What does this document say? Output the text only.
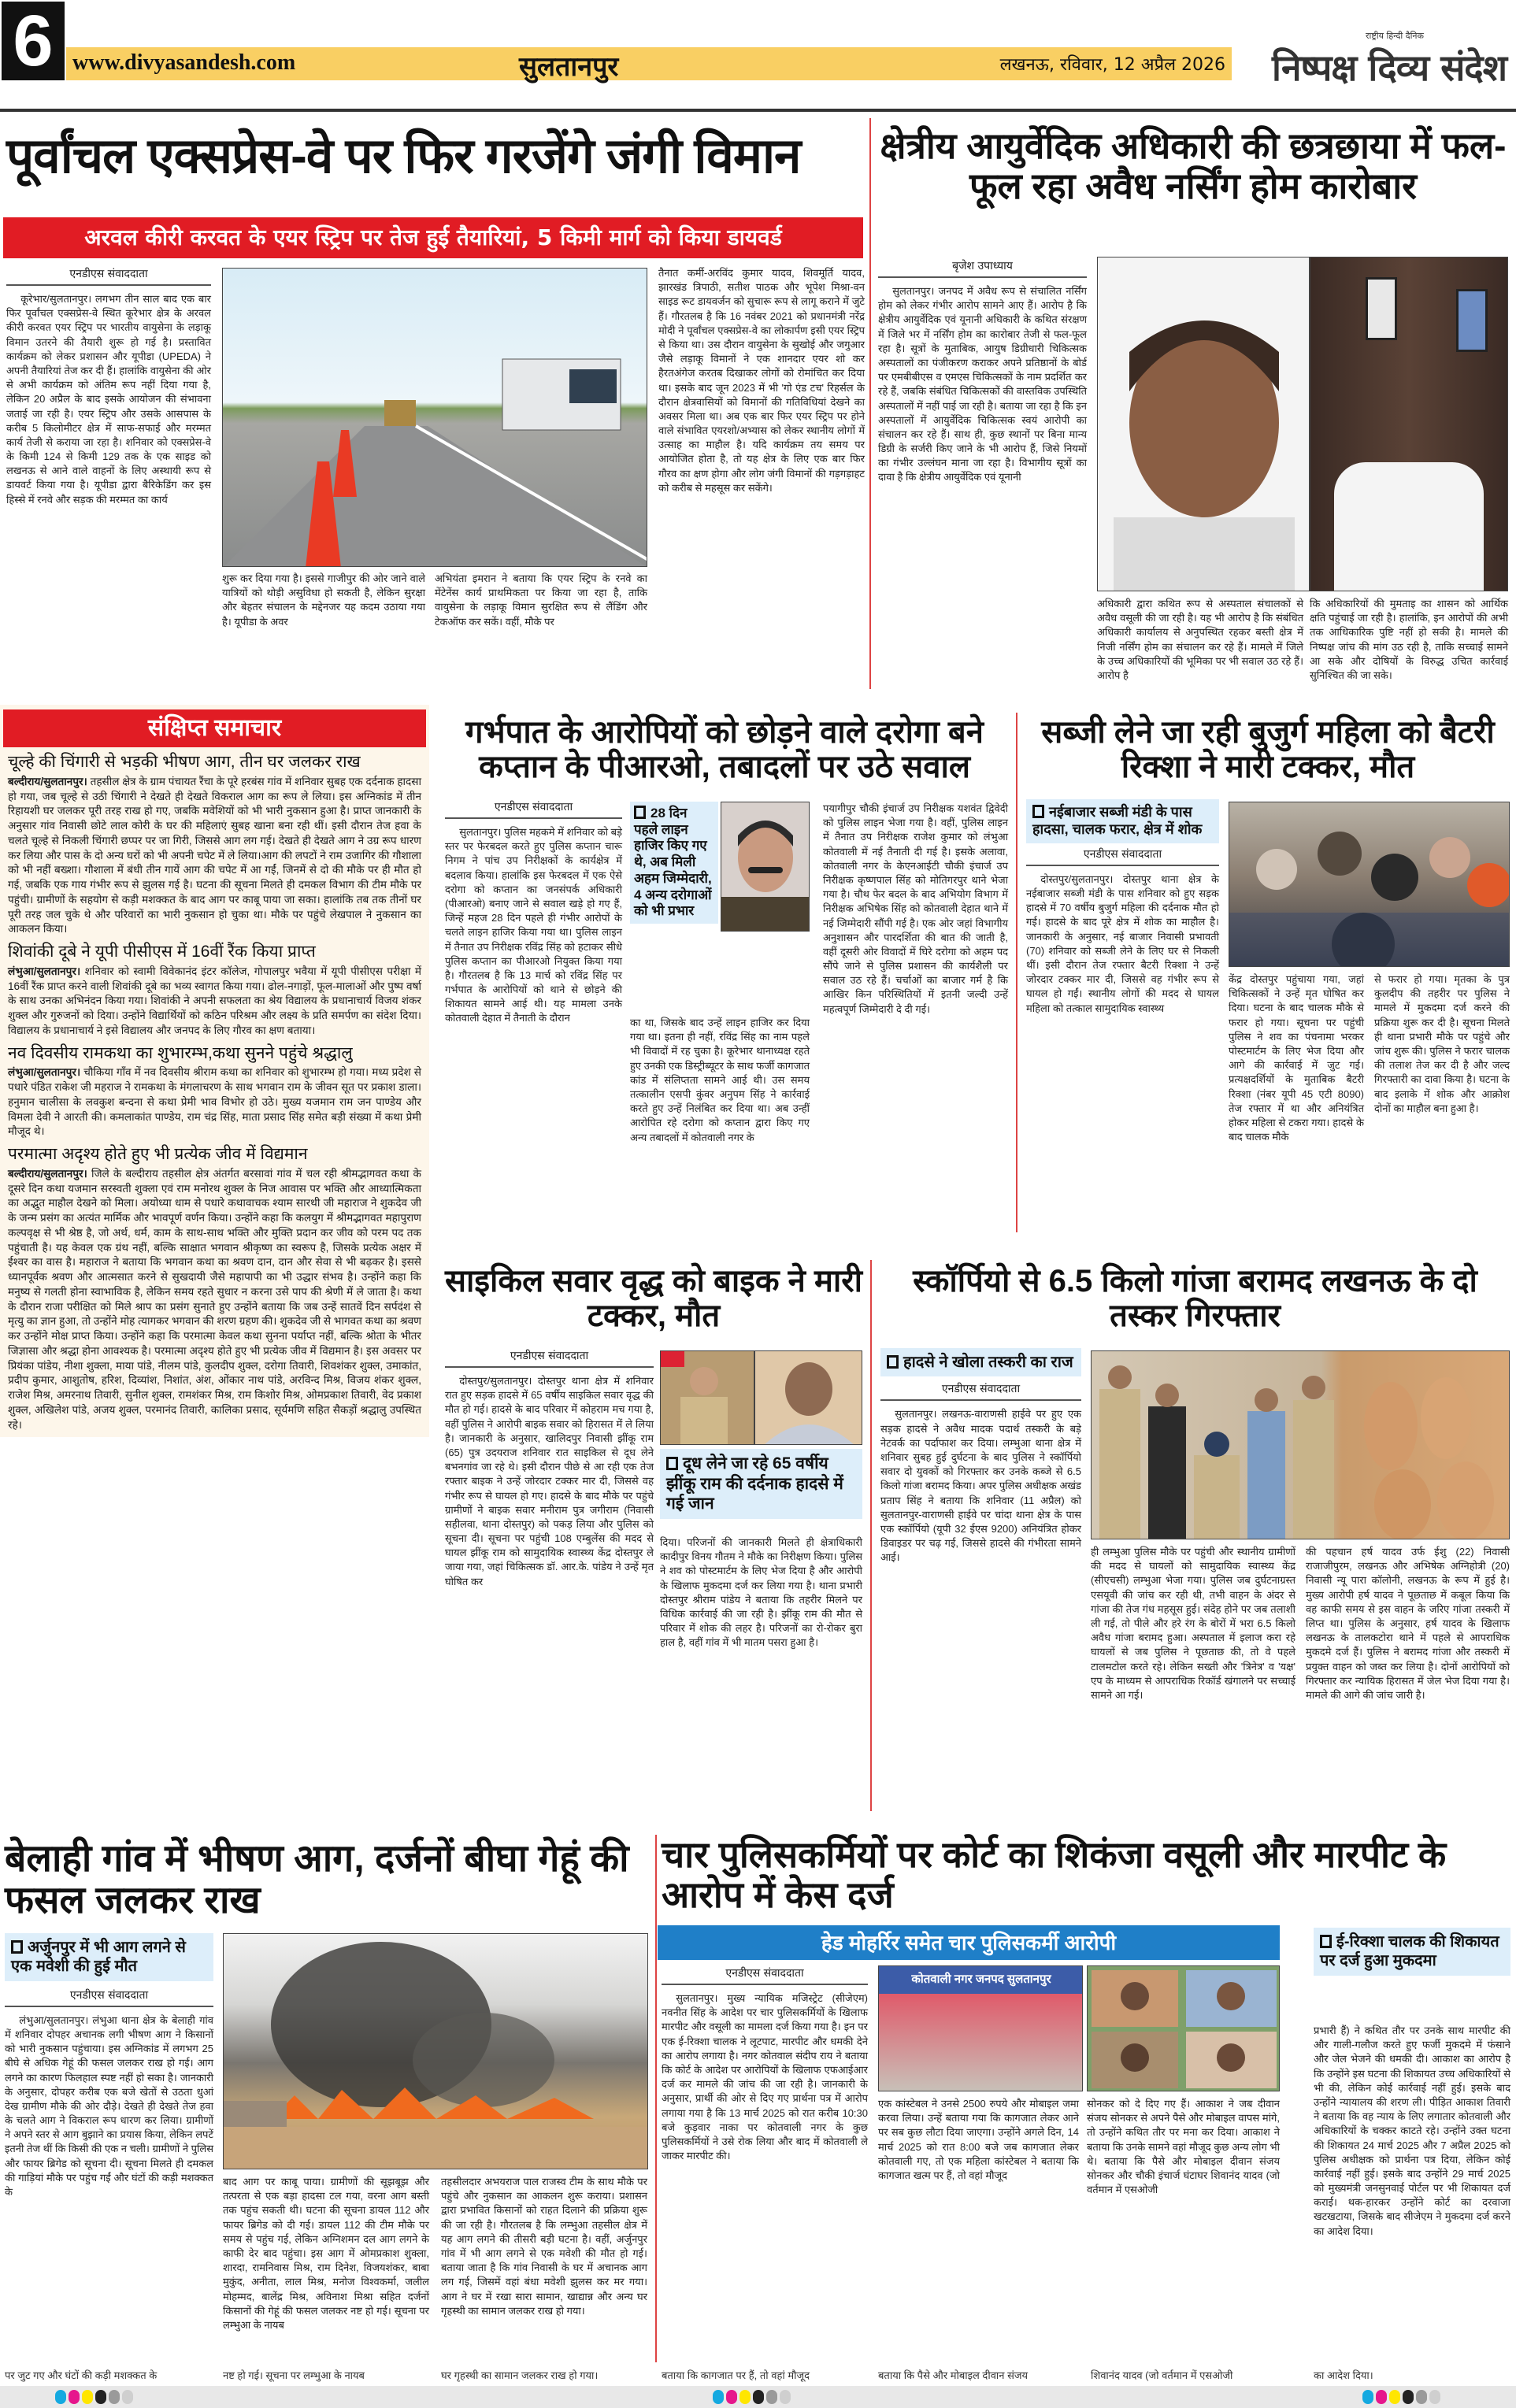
6 www.divyasandesh.com	सुलतानपुर	लखनऊ, रविवार, 12 अप्रैल 2026
राष्ट्रीय हिन्दी दैनिक
निष्पक्ष दिव्य संदेश
पूर्वांचल एक्सप्रेस-वे पर फिर गरजेंगे जंगी विमान
अरवल कीरी करवत के एयर स्ट्रिप पर तेज हुई तैयारियां, 5 किमी मार्ग को किया डायवर्ड
एनडीएस संवाददाता

कूरेभार/सुलतानपुर। लगभग तीन साल बाद एक बार फिर पूर्वांचल एक्सप्रेस-वे स्थित कूरेभार क्षेत्र के अरवल कीरी करवत एयर स्ट्रिप पर भारतीय वायुसेना के लड़ाकू विमान उतरने की तैयारी शुरू हो गई है। प्रस्तावित कार्यक्रम को लेकर प्रशासन और यूपीडा (UPEDA) ने अपनी तैयारियां तेज कर दी हैं। हालांकि वायुसेना की ओर से अभी कार्यक्रम को अंतिम रूप नहीं दिया गया है, लेकिन 20 अप्रैल के बाद इसके आयोजन की संभावना जताई जा रही है। एयर स्ट्रिप और उसके आसपास के करीब 5 किलोमीटर क्षेत्र में साफ-सफाई और मरम्मत कार्य तेजी से कराया जा रहा है। शनिवार को एक्सप्रेस-वे के किमी 124 से किमी 129 तक के एक साइड को लखनऊ से आने वाले वाहनों के लिए अस्थायी रूप से डायवर्ट किया गया है। यूपीडा द्वारा बैरिकेडिंग कर इस हिस्से में रनवे और सड़क की मरम्मत का कार्य

शुरू कर दिया गया है। इससे गाजीपुर की ओर जाने वाले यात्रियों को थोड़ी असुविधा हो सकती है, लेकिन सुरक्षा और बेहतर संचालन के मद्देनजर यह कदम उठाया गया है। यूपीडा के अवर

अभियंता इमरान ने बताया कि एयर स्ट्रिप के रनवे का मेंटेनेंस कार्य प्राथमिकता पर किया जा रहा है, ताकि वायुसेना के लड़ाकू विमान सुरक्षित रूप से लैंडिंग और टेकऑफ कर सकें। वहीं, मौके पर

तैनात कर्मी-अरविंद कुमार यादव, शिवमूर्ति यादव, झारखंड त्रिपाठी, सतीश पाठक और भूपेश मिश्रा-वन साइड रूट डायवर्जन को सुचारू रूप से लागू कराने में जुटे हैं। गौरतलब है कि 16 नवंबर 2021 को प्रधानमंत्री नरेंद्र मोदी ने पूर्वांचल एक्सप्रेस-वे का लोकार्पण इसी एयर स्ट्रिप से किया था। उस दौरान वायुसेना के सुखोई और जगुआर जैसे लड़ाकू विमानों ने एक शानदार एयर शो कर हैरतअंगेज करतब दिखाकर लोगों को रोमांचित कर दिया था। इसके बाद जून 2023 में भी 'गो एंड टच' रिहर्सल के दौरान क्षेत्रवासियों को विमानों की गतिविधियां देखने का अवसर मिला था। अब एक बार फिर एयर स्ट्रिप पर होने वाले संभावित एयरशो/अभ्यास को लेकर स्थानीय लोगों में उत्साह का माहौल है। यदि कार्यक्रम तय समय पर आयोजित होता है, तो यह क्षेत्र के लिए एक बार फिर गौरव का क्षण होगा और लोग जंगी विमानों की गड़गड़ाहट को करीब से महसूस कर सकेंगे।

क्षेत्रीय आयुर्वेदिक अधिकारी की छत्रछाया में फल-फूल रहा अवैध नर्सिंग होम कारोबार
बृजेश उपाध्याय

सुलतानपुर। जनपद में अवैध रूप से संचालित नर्सिंग होम को लेकर गंभीर आरोप सामने आए हैं। आरोप है कि क्षेत्रीय आयुर्वेदिक एवं यूनानी अधिकारी के कथित संरक्षण में जिले भर में नर्सिंग होम का कारोबार तेजी से फल-फूल रहा है। सूत्रों के मुताबिक, आयुष डिग्रीधारी चिकित्सक अस्पतालों का पंजीकरण कराकर अपने प्रतिष्ठानों के बोर्ड पर एमबीबीएस व एमएस चिकित्सकों के नाम प्रदर्शित कर रहे हैं, जबकि संबंधित चिकित्सकों की वास्तविक उपस्थिति अस्पतालों में नहीं पाई जा रही है। बताया जा रहा है कि इन अस्पतालों में आयुर्वेदिक चिकित्सक स्वयं आरोपी का संचालन कर रहे हैं। साथ ही, कुछ स्थानों पर बिना मान्य डिग्री के सर्जरी किए जाने के भी आरोप हैं, जिसे नियमों का गंभीर उल्लंघन माना जा रहा है। विभागीय सूत्रों का दावा है कि क्षेत्रीय आयुर्वेदिक एवं यूनानी

अधिकारी द्वारा कथित रूप से अस्पताल संचालकों से अवैध वसूली की जा रही है। यह भी आरोप है कि संबंधित अधिकारी कार्यालय से अनुपस्थित रहकर बस्ती क्षेत्र में निजी नर्सिंग होम का संचालन कर रहे हैं। मामले में जिले के उच्च अधिकारियों की भूमिका पर भी सवाल उठ रहे हैं। आरोप है

कि अधिकारियों की मुमताइ का शासन को आर्थिक क्षति पहुंचाई जा रही है। हालांकि, इन आरोपों की अभी तक आधिकारिक पुष्टि नहीं हो सकी है। मामले की निष्पक्ष जांच की मांग उठ रही है, ताकि सच्चाई सामने आ सके और दोषियों के विरुद्ध उचित कार्रवाई सुनिश्चित की जा सके।

संक्षिप्त समाचार
चूल्हे की चिंगारी से भड़की भीषण आग, तीन घर जलकर राख
बल्दीराय/सुलतानपुर। तहसील क्षेत्र के ग्राम पंचायत रैंचा के पूरे हरबंस गांव में शनिवार सुबह एक दर्दनाक हादसा हो गया, जब चूल्हे से उठी चिंगारी ने देखते ही देखते विकराल आग का रूप ले लिया। इस अग्निकांड में तीन रिहायशी घर जलकर पूरी तरह राख हो गए, जबकि मवेशियों को भी भारी नुकसान हुआ है। प्राप्त जानकारी के अनुसार गांव निवासी छोटे लाल कोरी के घर की महिलाएं सुबह खाना बना रही थीं। इसी दौरान तेज हवा के चलते चूल्हे से निकली चिंगारी छप्पर पर जा गिरी, जिससे आग लग गई। देखते ही देखते आग ने उग्र रूप धारण कर लिया और पास के दो अन्य घरों को भी अपनी चपेट में ले लिया।आग की लपटों ने राम उजागिर की गौशाला को भी नहीं बख्शा। गौशाला में बंधी तीन गायें आग की चपेट में आ गईं, जिनमें से दो की मौके पर ही मौत हो गई, जबकि एक गाय गंभीर रूप से झुलस गई है। घटना की सूचना मिलते ही दमकल विभाग की टीम मौके पर पहुंची। ग्रामीणों के सहयोग से कड़ी मशक्कत के बाद आग पर काबू पाया जा सका। हालांकि तब तक तीनों घर पूरी तरह जल चुके थे और परिवारों का भारी नुकसान हो चुका था। मौके पर पहुंचे लेखपाल ने नुकसान का आकलन किया।
शिवांकी दूबे ने यूपी पीसीएस में 16वीं रैंक किया प्राप्त
लंभुआ/सुलतानपुर। शनिवार को स्वामी विवेकानंद इंटर कॉलेज, गोपालपुर भवैया में यूपी पीसीएस परीक्षा में 16वीं रैंक प्राप्त करने वाली शिवांकी दूबे का भव्य स्वागत किया गया। ढोल-नगाड़ों, फूल-मालाओं और पुष्प वर्षा के साथ उनका अभिनंदन किया गया। शिवांकी ने अपनी सफलता का श्रेय विद्यालय के प्रधानाचार्य विजय शंकर शुक्ल और गुरुजनों को दिया। उन्होंने विद्यार्थियों को कठिन परिश्रम और लक्ष्य के प्रति समर्पण का संदेश दिया। विद्यालय के प्रधानाचार्य ने इसे विद्यालय और जनपद के लिए गौरव का क्षण बताया।
नव दिवसीय रामकथा का शुभारम्भ,कथा सुनने पहुंचे श्रद्धालु
लंभुआ/सुलतानपुर। चौकिया गाँव में नव दिवसीय श्रीराम कथा का शनिवार को शुभारम्भ हो गया। मध्य प्रदेश से पधारे पंडित राकेश जी महराज ने रामकथा के मंगलाचरण के साथ भगवान राम के जीवन सूत पर प्रकाश डाला। हनुमान चालीसा के लवकुश बन्दना से कथा प्रेमी भाव विभोर हो उठे। मुख्य यजमान राम जन पाण्डेय और विमला देवी ने आरती की। कमलाकांत पाण्डेय, राम चंद्र सिंह, माता प्रसाद सिंह समेत बड़ी संख्या में कथा प्रेमी मौजूद थे।
परमात्मा अदृश्य होते हुए भी प्रत्येक जीव में विद्यमान
बल्दीराय/सुलतानपुर। जिले के बल्दीराय तहसील क्षेत्र अंतर्गत बरसावां गांव में चल रही श्रीमद्भागवत कथा के दूसरे दिन कथा यजमान सरस्वती शुक्ला एवं राम मनोरथ शुक्ल के निज आवास पर भक्ति और आध्यात्मिकता का अद्भुत माहौल देखने को मिला। अयोध्या धाम से पधारे कथावाचक श्याम सारथी जी महाराज ने शुकदेव जी के जन्म प्रसंग का अत्यंत मार्मिक और भावपूर्ण वर्णन किया। उन्होंने कहा कि कलयुग में श्रीमद्भागवत महापुराण कल्पवृक्ष से भी श्रेष्ठ है, जो अर्थ, धर्म, काम के साथ-साथ भक्ति और मुक्ति प्रदान कर जीव को परम पद तक पहुंचाती है। यह केवल एक ग्रंथ नहीं, बल्कि साक्षात भगवान श्रीकृष्ण का स्वरूप है, जिसके प्रत्येक अक्षर में ईश्वर का वास है। महाराज ने बताया कि भगवान कथा का श्रवण दान, दान और सेवा से भी बढ़कर है। इससे ध्यानपूर्वक श्रवण और आत्मसात करने से सुखदायी जैसे महापापी का भी उद्धार संभव है। उन्होंने कहा कि मनुष्य से गलती होना स्वाभाविक है, लेकिन समय रहते सुधार न करना उसे पाप की श्रेणी में ले जाता है। कथा के दौरान राजा परीक्षित को मिले श्राप का प्रसंग सुनाते हुए उन्होंने बताया कि जब उन्हें सातवें दिन सर्पदंश से मृत्यु का ज्ञान हुआ, तो उन्होंने मोह त्यागकर भगवान की शरण ग्रहण की। शुकदेव जी से भागवत कथा का श्रवण कर उन्होंने मोक्ष प्राप्त किया। उन्होंने कहा कि परमात्मा केवल कथा सुनना पर्याप्त नहीं, बल्कि श्रोता के भीतर जिज्ञासा और श्रद्धा होना आवश्यक है। परमात्मा अदृश्य होते हुए भी प्रत्येक जीव में विद्यमान है। इस अवसर पर प्रियंका पांडेय, नीशा शुक्ला, माया पांडे, नीलम पांडे, कुलदीप शुक्ल, दरोगा तिवारी, शिवशंकर शुक्ल, उमाकांत, प्रदीप कुमार, आशुतोष, हरिश, दिव्यांश, निशांत, अंश, ओंकार नाथ पांडे, अरविन्द मिश्र, विजय शंकर शुक्ल, राजेश मिश्र, अमरनाथ तिवारी, सुनील शुक्ल, रामशंकर मिश्र, राम किशोर मिश्र, ओमप्रकाश तिवारी, वेद प्रकाश शुक्ल, अखिलेश पांडे, अजय शुक्ल, परमानंद तिवारी, कालिका प्रसाद, सूर्यमणि सहित सैकड़ों श्रद्धालु उपस्थित रहे।
गर्भपात के आरोपियों को छोड़ने वाले दरोगा बने कप्तान के पीआरओ, तबादलों पर उठे सवाल
एनडीएस संवाददाता

सुलतानपुर। पुलिस महकमे में शनिवार को बड़े स्तर पर फेरबदल करते हुए पुलिस कप्तान चारू निगम ने पांच उप निरीक्षकों के कार्यक्षेत्र में बदलाव किया। हालांकि इस फेरबदल में एक ऐसे दरोगा को कप्तान का जनसंपर्क अधिकारी (पीआरओ) बनाए जाने से सवाल खड़े हो गए हैं, जिन्हें महज 28 दिन पहले ही गंभीर आरोपों के चलते लाइन हाजिर किया गया था। पुलिस लाइन में तैनात उप निरीक्षक रविंद्र सिंह को हटाकर सीधे पुलिस कप्तान का पीआरओ नियुक्त किया गया है। गौरतलब है कि 13 मार्च को रविंद्र सिंह पर गर्भपात के आरोपियों को थाने से छोड़ने की शिकायत सामने आई थी। यह मामला उनके कोतवाली देहात में तैनाती के दौरान

28 दिन पहले लाइन हाजिर किए गए थे, अब मिली अहम जिम्मेदारी, 4 अन्य दरोगाओं को भी प्रभार

का था, जिसके बाद उन्हें लाइन हाजिर कर दिया गया था। इतना ही नहीं, रविंद्र सिंह का नाम पहले भी विवादों में रह चुका है। कूरेभार थानाध्यक्ष रहते हुए उनकी एक डिस्ट्रीब्यूटर के साथ फर्जी कागजात कांड में संलिप्तता सामने आई थी। उस समय तत्कालीन एसपी कुंवर अनुपम सिंह ने कार्रवाई करते हुए उन्हें निलंबित कर दिया था। अब उन्हीं आरोपित रहे दरोगा को कप्तान द्वारा किए गए अन्य तबादलों में कोतवाली नगर के

पयागीपुर चौकी इंचार्ज उप निरीक्षक यशवंत द्विवेदी को पुलिस लाइन भेजा गया है। वहीं, पुलिस लाइन में तैनात उप निरीक्षक राजेश कुमार को लंभुआ कोतवाली में नई तैनाती दी गई है। इसके अलावा, कोतवाली नगर के केएनआईटी चौकी इंचार्ज उप निरीक्षक कृष्णपाल सिंह को मोतिगरपुर थाने भेजा गया है। चौथ फेर बदल के बाद अभियोग विभाग में निरीक्षक अभिषेक सिंह को कोतवाली देहात थाने में नई जिम्मेदारी सौंपी गई है। एक ओर जहां विभागीय अनुशासन और पारदर्शिता की बात की जाती है, वहीं दूसरी ओर विवादों में घिरे दरोगा को अहम पद सौंपे जाने से पुलिस प्रशासन की कार्यशैली पर सवाल उठ रहे हैं। चर्चाओं का बाजार गर्म है कि आखिर किन परिस्थितियों में इतनी जल्दी उन्हें महत्वपूर्ण जिम्मेदारी दे दी गई।

सब्जी लेने जा रही बुजुर्ग महिला को बैटरी रिक्शा ने मारी टक्कर, मौत
नईबाजार सब्जी मंडी के पास हादसा, चालक फरार, क्षेत्र में शोक
एनडीएस संवाददाता

दोस्तपुर/सुलतानपुर। दोस्तपुर थाना क्षेत्र के नईबाजार सब्जी मंडी के पास शनिवार को हुए सड़क हादसे में 70 वर्षीय बुजुर्ग महिला की दर्दनाक मौत हो गई। हादसे के बाद पूरे क्षेत्र में शोक का माहौल है। जानकारी के अनुसार, नई बाजार निवासी प्रभावती (70) शनिवार को सब्जी लेने के लिए घर से निकली थीं। इसी दौरान तेज रफ्तार बैटरी रिक्शा ने उन्हें जोरदार टक्कर मार दी, जिससे वह गंभीर रूप से घायल हो गईं। स्थानीय लोगों की मदद से घायल महिला को तत्काल सामुदायिक स्वास्थ्य

केंद्र दोस्तपुर पहुंचाया गया, जहां चिकित्सकों ने उन्हें मृत घोषित कर दिया। घटना के बाद चालक मौके से फरार हो गया। सूचना पर पहुंची पुलिस ने शव का पंचनामा भरकर पोस्टमार्टम के लिए भेज दिया और आगे की कार्रवाई में जुट गई। प्रत्यक्षदर्शियों के मुताबिक बैटरी रिक्शा (नंबर यूपी 45 एटी 8090) तेज रफ्तार में था और अनियंत्रित होकर महिला से टकरा गया। हादसे के बाद चालक मौके

से फरार हो गया। मृतका के पुत्र कुलदीप की तहरीर पर पुलिस ने मामले में मुकदमा दर्ज करने की प्रक्रिया शुरू कर दी है। सूचना मिलते ही थाना प्रभारी मौके पर पहुंचे और जांच शुरू की। पुलिस ने फरार चालक की तलाश तेज कर दी है और जल्द गिरफ्तारी का दावा किया है। घटना के बाद इलाके में शोक और आक्रोश दोनों का माहौल बना हुआ है।

साइकिल सवार वृद्ध को बाइक ने मारी टक्कर, मौत
एनडीएस संवाददाता

दोस्तपुर/सुलतानपुर। दोस्तपुर थाना क्षेत्र में शनिवार रात हुए सड़क हादसे में 65 वर्षीय साइकिल सवार वृद्ध की मौत हो गई। हादसे के बाद परिवार में कोहराम मच गया है, वहीं पुलिस ने आरोपी बाइक सवार को हिरासत में ले लिया है। जानकारी के अनुसार, खालिदपुर निवासी झींकू राम (65) पुत्र उदयराज शनिवार रात साइकिल से दूध लेने बभनगांव जा रहे थे। इसी दौरान पीछे से आ रही एक तेज रफ्तार बाइक ने उन्हें जोरदार टक्कर मार दी, जिससे वह गंभीर रूप से घायल हो गए। हादसे के बाद मौके पर पहुंचे ग्रामीणों ने बाइक सवार मनीराम पुत्र जगीराम (निवासी सहीलवा, थाना दोस्तपुर) को पकड़ लिया और पुलिस को सूचना दी। सूचना पर पहुंची 108 एम्बुलेंस की मदद से घायल झींकू राम को सामुदायिक स्वास्थ्य केंद्र दोस्तपुर ले जाया गया, जहां चिकित्सक डॉ. आर.के. पांडेय ने उन्हें मृत घोषित कर

दूध लेने जा रहे 65 वर्षीय झींकू राम की दर्दनाक हादसे में गई जान

दिया। परिजनों की जानकारी मिलते ही क्षेत्राधिकारी कादीपुर विनय गौतम ने मौके का निरीक्षण किया। पुलिस ने शव को पोस्टमार्टम के लिए भेज दिया है और आरोपी के खिलाफ मुकदमा दर्ज कर लिया गया है। थाना प्रभारी दोस्तपुर श्रीराम पांडेय ने बताया कि तहरीर मिलने पर विधिक कार्रवाई की जा रही है। झींकू राम की मौत से परिवार में शोक की लहर है। परिजनों का रो-रोकर बुरा हाल है, वहीं गांव में भी मातम पसरा हुआ है।

स्कॉर्पियो से 6.5 किलो गांजा बरामद लखनऊ के दो तस्कर गिरफ्तार
हादसे ने खोला तस्करी का राज
एनडीएस संवाददाता

सुलतानपुर। लखनऊ-वाराणसी हाईवे पर हुए एक सड़क हादसे ने अवैध मादक पदार्थ तस्करी के बड़े नेटवर्क का पर्दाफाश कर दिया। लम्भुआ थाना क्षेत्र में शनिवार सुबह हुई दुर्घटना के बाद पुलिस ने स्कॉर्पियो सवार दो युवकों को गिरफ्तार कर उनके कब्जे से 6.5 किलो गांजा बरामद किया। अपर पुलिस अधीक्षक अखंड प्रताप सिंह ने बताया कि शनिवार (11 अप्रैल) को सुलतानपुर-वाराणसी हाईवे पर चांदा थाना क्षेत्र के पास एक स्कॉर्पियो (यूपी 32 ईएस 9200) अनियंत्रित होकर डिवाइडर पर चढ़ गई, जिससे हादसे की गंभीरता सामने आई।	ही लम्भुआ पुलिस मौके पर पहुंची और स्थानीय ग्रामीणों की मदद से घायलों को सामुदायिक स्वास्थ्य केंद्र (सीएचसी) लम्भुआ भेजा गया। पुलिस जब दुर्घटनाग्रस्त एसयूवी की जांच कर रही थी, तभी वाहन के अंदर से गांजा की तेज गंध महसूस हुई। संदेह होने पर जब तलाशी ली गई, तो पीले और हरे रंग के बोरों में भरा 6.5 किलो अवैध गांजा बरामद हुआ। अस्पताल में इलाज करा रहे घायलों से जब पुलिस ने पूछताछ की, तो वे पहले टालमटोल करते रहे। लेकिन सख्ती और 'त्रिनेत्र' व 'यक्ष' एप के माध्यम से आपराधिक रिकॉर्ड खंगालने पर सच्चाई सामने आ गई।

की पहचान हर्ष यादव उर्फ ईशु (22) निवासी राजाजीपुरम, लखनऊ और अभिषेक अग्निहोत्री (20) निवासी न्यू पारा कॉलोनी, लखनऊ के रूप में हुई है। मुख्य आरोपी हर्ष यादव ने पूछताछ में कबूल किया कि वह काफी समय से इस वाहन के जरिए गांजा तस्करी में लिप्त था। पुलिस के अनुसार, हर्ष यादव के खिलाफ लखनऊ के तालकटोरा थाने में पहले से आपराधिक मुकदमे दर्ज हैं। पुलिस ने बरामद गांजा और तस्करी में प्रयुक्त वाहन को जब्त कर लिया है। दोनों आरोपियों को गिरफ्तार कर न्यायिक हिरासत में जेल भेज दिया गया है। मामले की आगे की जांच जारी है।

बेलाही गांव में भीषण आग, दर्जनों बीघा गेहूं की फसल जलकर राख
अर्जुनपुर में भी आग लगने से एक मवेशी की हुई मौत
एनडीएस संवाददाता

लंभुआ/सुलतानपुर। लंभुआ थाना क्षेत्र के बेलाही गांव में शनिवार दोपहर अचानक लगी भीषण आग ने किसानों को भारी नुकसान पहुंचाया। इस अग्निकांड में लगभग 25 बीघे से अधिक गेहूं की फसल जलकर राख हो गई। आग लगने का कारण फिलहाल स्पष्ट नहीं हो सका है। जानकारी के अनुसार, दोपहर करीब एक बजे खेतों से उठता धुआं देख ग्रामीण मौके की ओर दौड़े। देखते ही देखते तेज हवा के चलते आग ने विकराल रूप धारण कर लिया। ग्रामीणों ने अपने स्तर से आग बुझाने का प्रयास किया, लेकिन लपटें इतनी तेज थीं कि किसी की एक न चली। ग्रामीणों ने पुलिस और फायर ब्रिगेड को सूचना दी। सूचना मिलते ही दमकल की गाड़ियां मौके पर पहुंच गईं और घंटों की कड़ी मशक्कत के

बाद आग पर काबू पाया। ग्रामीणों की सूझबूझ और तत्परता से एक बड़ा हादसा टल गया, वरना आग बस्ती तक पहुंच सकती थी। घटना की सूचना डायल 112 और फायर ब्रिगेड को दी गई। डायल 112 की टीम मौके पर समय से पहुंच गई, लेकिन अग्निशमन दल आग लगने के काफी देर बाद पहुंचा। इस आग में ओमप्रकाश शुक्ला, शारदा, रामनिवास मिश्र, राम दिनेश, विजयशंकर, बाबा मुकुंद, अनीता, लाल मिश्र, मनोज विश्वकर्मा, जलील मोहम्मद, बालेंद्र मिश्र, अविनाश मिश्रा सहित दर्जनों किसानों की गेहूं की फसल जलकर नष्ट हो गई। सूचना पर लम्भुआ के नायब

तहसीलदार अभयराज पाल राजस्व टीम के साथ मौके पर पहुंचे और नुकसान का आकलन शुरू कराया। प्रशासन द्वारा प्रभावित किसानों को राहत दिलाने की प्रक्रिया शुरू की जा रही है। गौरतलब है कि लम्भुआ तहसील क्षेत्र में यह आग लगने की तीसरी बड़ी घटना है। वहीं, अर्जुनपुर गांव में भी आग लगने से एक मवेशी की मौत हो गई। बताया जाता है कि गांव निवासी के घर में अचानक आग लग गई, जिसमें वहां बंधा मवेशी झुलस कर मर गया। आग ने घर में रखा सारा सामान, खाद्यान्न और अन्य घर गृहस्थी का सामान जलकर राख हो गया।

चार पुलिसकर्मियों पर कोर्ट का शिकंजा वसूली और मारपीट के आरोप में केस दर्ज
हेड मोहर्रिर समेत चार पुलिसकर्मी आरोपी	ई-रिक्शा चालक की शिकायत पर दर्ज हुआ मुकदमा
एनडीएस संवाददाता

सुलतानपुर। मुख्य न्यायिक मजिस्ट्रेट (सीजेएम) नवनीत सिंह के आदेश पर चार पुलिसकर्मियों के खिलाफ मारपीट और वसूली का मामला दर्ज किया गया है। इन पर एक ई-रिक्शा चालक ने लूटपाट, मारपीट और धमकी देने का आरोप लगाया है। नगर कोतवाल संदीप राय ने बताया कि कोर्ट के आदेश पर आरोपियों के खिलाफ एफआईआर दर्ज कर मामले की जांच की जा रही है। जानकारी के अनुसार, प्रार्थी की ओर से दिए गए प्रार्थना पत्र में आरोप लगाया गया है कि 13 मार्च 2025 को रात करीब 10:30 बजे कुड़वार नाका पर कोतवाली नगर के कुछ पुलिसकर्मियों ने उसे रोक लिया और बाद में कोतवाली ले जाकर मारपीट की।

कोतवाली नगर जनपद सुलतानपुर

एक कांस्टेबल ने उनसे 2500 रुपये और मोबाइल जमा करवा लिया। उन्हें बताया गया कि कागजात लेकर आने पर सब कुछ लौटा दिया जाएगा। उन्होंने अगले दिन, 14 मार्च 2025 को रात 8:00 बजे जब कागजात लेकर कोतवाली गए, तो एक महिला कांस्टेबल ने बताया कि कागजात खत्म पर हैं, तो वहां मौजूद

सोनकर को दे दिए गए हैं। आकाश ने जब दीवान संजय सोनकर से अपने पैसे और मोबाइल वापस मांगे, तो उन्होंने कथित तौर पर मना कर दिया। आकाश ने बताया कि उनके सामने वहां मौजूद कुछ अन्य लोग भी थे। बताया कि पैसे और मोबाइल दीवान संजय सोनकर और चौकी इंचार्ज घंटाघर शिवानंद यादव (जो वर्तमान में एसओजी

प्रभारी हैं) ने कथित तौर पर उनके साथ मारपीट की और गाली-गलौज करते हुए फर्जी मुकदमे में फंसाने और जेल भेजने की धमकी दी। आकाश का आरोप है कि उन्होंने इस घटना की शिकायत उच्च अधिकारियों से भी की, लेकिन कोई कार्रवाई नहीं हुई। इसके बाद उन्होंने न्यायालय की शरण ली। पीड़ित आकाश तिवारी ने बताया कि वह न्याय के लिए लगातार कोतवाली और अधिकारियों के चक्कर काटते रहे। उन्होंने उक्त घटना की शिकायत 24 मार्च 2025 और 7 अप्रैल 2025 को पुलिस अधीक्षक को प्रार्थना पत्र दिया, लेकिन कोई कार्रवाई नहीं हुई। इसके बाद उन्होंने 29 मार्च 2025 को मुख्यमंत्री जनसुनवाई पोर्टल पर भी शिकायत दर्ज कराई। थक-हारकर उन्होंने कोर्ट का दरवाजा खटखटाया, जिसके बाद सीजेएम ने मुकदमा दर्ज करने का आदेश दिया।

पर जुट गए और घंटों की कड़ी मशक्कत के	नष्ट हो गई। सूचना पर लम्भुआ के नायब	घर गृहस्थी का सामान जलकर राख हो गया।	बताया कि कागजात पर हैं, तो वहां मौजूद	बताया कि पैसे और मोबाइल दीवान संजय	शिवानंद यादव (जो वर्तमान में एसओजी	का आदेश दिया।
